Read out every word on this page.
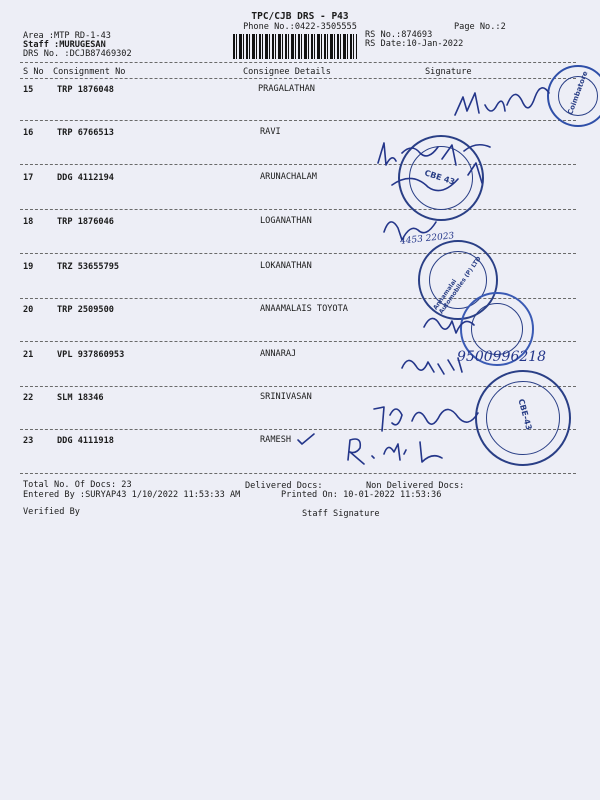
TPC/CJB DRS - P43
Phone No.:0422-3505555	Page No.:2
Area :MTP RD-1-43
Staff :MURUGESAN
DRS No. :DCJB87469302
RS No.:874693
RS Date:10-Jan-2022
S No Consignment No	Consignee Details	Signature
15	TRP 1876048	PRAGALATHAN
16	TRP 6766513	RAVI
17	DDG 4112194	ARUNACHALAM
18	TRP 1876046	LOGANATHAN
19	TRZ 53655795	LOKANATHAN
20	TRP 2509500	ANAAMALAIS TOYOTA
21	VPL 937860953	ANNARAJ
22	SLM 18346	SRINIVASAN
23	DDG 4111918	RAMESH
Total No. Of Docs: 23	Delivered Docs:	Non Delivered Docs:
Entered By :SURYAP43 1/10/2022 11:53:33 AM	Printed On: 10-01-2022 11:53:36
Verified By	Staff Signature
Coimbatore
CBE 43
Annamalai Automobiles (P) LTD
CBE-43
4453 22023
9500996218
